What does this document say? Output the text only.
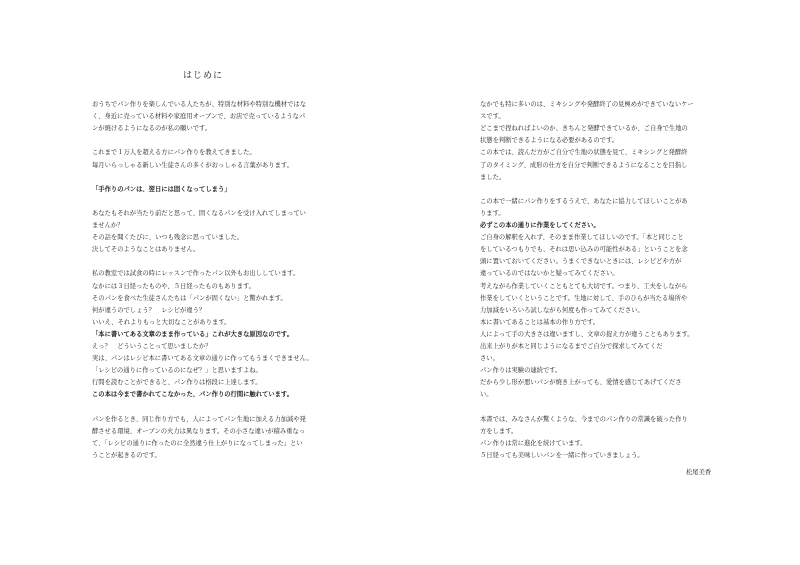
はじめに
おうちでパン作りを楽しんでいる人たちが、特別な材料や特別な機材ではな
く、身近に売っている材料や家庭用オーブンで、お店で売っているようなパ
ンが焼けるようになるのが私の願いです。
これまで１万人を超える方にパン作りを教えてきました。
毎月いらっしゃる新しい生徒さんの多くがおっしゃる言葉があります。
「手作りのパンは、翌日には固くなってしまう」
あなたもそれが当たり前だと思って、固くなるパンを受け入れてしまってい
ませんか？
その話を聞くたびに、いつも残念に思っていました。
決してそのようなことはありません。
私の教室では試食の時にレッスンで作ったパン以外もお出ししています。
なかには３日経ったものや、５日経ったものもあります。
そのパンを食べた生徒さんたちは「パンが固くない」と驚かれます。
何が違うのでしょう？　レシピが違う？
いいえ、それよりもっと大切なことがあります。
「本に書いてある文章のまま作っている」これが大きな原因なのです。
えっ？　どういうことって思いましたか？
実は、パンはレシピ本に書いてある文章の通りに作ってもうまくできません。
「レシピの通りに作っているのになぜ？」と思いますよね。
行間を読むことができると、パン作りは格段に上達します。
この本は今まで書かれてこなかった、パン作りの行間に触れています。
パンを作るとき、同じ作り方でも、人によってパン生地に加える力加減や発
酵させる環境、オーブンの火力は異なります。その小さな違いが積み重なっ
て、「レシピの通りに作ったのに全然違う仕上がりになってしまった」とい
うことが起きるのです。
なかでも特に多いのは、ミキシングや発酵終了の見極めができていないケー
スです。
どこまで捏ねればよいのか、きちんと発酵できているか、ご自身で生地の
状態を判断できるようになる必要があるのです。
この本では、読んだ方がご自分で生地の状態を見て、ミキシングと発酵終
了のタイミング、成形の仕方を自分で判断できるようになることを目指し
ました。
この本で一緒にパン作りをするうえで、あなたに協力してほしいことがあ
ります。
必ずこの本の通りに作業をしてください。
ご自身の解釈を入れず、そのまま作業してほしいのです。「本と同じこと
をしているつもりでも、それは思い込みの可能性がある」ということを念
頭に置いておいてください。うまくできないときには、レシピどや方が
違っているのではないかと疑ってみてください。
考えながら作業していくこともとても大切です。つまり、工夫をしながら
作業をしていくということです。生地に対して、手のひらが当たる場所や
力加減をいろいろ試しながら何度も作ってみてください。
本に書いてあることは基本の作り方です。
人によって手の大きさは違いますし、文章の捉え方が違うこともあります。
出来上がりが本と同じようになるまでご自分で探求してみてくだ
さい。
パン作りは実験の連続です。
だから少し形が悪いパンが焼き上がっても、愛情を感じてあげてくださ
い。
本書では、みなさんが驚くような、今までのパン作りの常識を破った作り
方をします。
パン作りは常に進化を続けています。
５日経っても美味しいパンを一緒に作っていきましょう。
松尾美香
